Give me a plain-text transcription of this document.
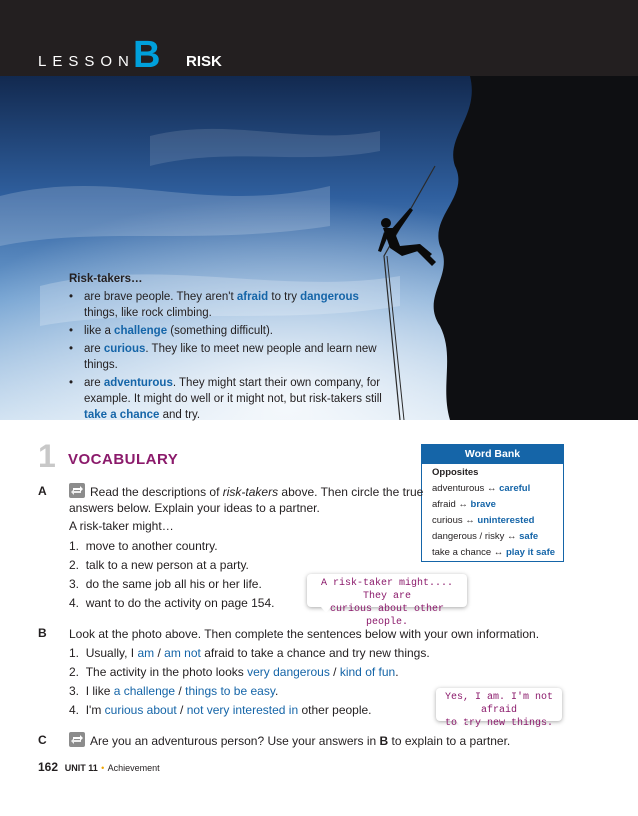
LESSON
B RISK
Risk-takers…
• are brave people. They aren't afraid to try dangerous things, like rock climbing.
• like a challenge (something difficult).
• are curious. They like to meet new people and learn new things.
• are adventurous. They might start their own company, for example. It might do well or it might not, but risk-takers still take a chance and try.
1 VOCABULARY	Word Bank
Opposites
adventurous ↔ careful
afraid ↔ brave
curious ↔ uninterested
dangerous / risky ↔ safe
take a chance ↔ play it safe
A	Read the descriptions of risk-takers above. Then circle the true
answers below. Explain your ideas to a partner.
A risk-taker might…
1. move to another country.
2. talk to a new person at a party.
3. do the same job all his or her life.
4. want to do the activity on page 154.
A risk-taker might.... They are
curious about other people.
B Look at the photo above. Then complete the sentences below with your own information.
1. Usually, I am / am not afraid to take a chance and try new things.
2. The activity in the photo looks very dangerous / kind of fun.
3. I like a challenge / things to be easy.
4. I'm curious about / not very interested in other people.
Yes, I am. I'm not afraid
to try new things.
C	Are you an adventurous person? Use your answers in B to explain to a partner.
162 UNIT 11 • Achievement
